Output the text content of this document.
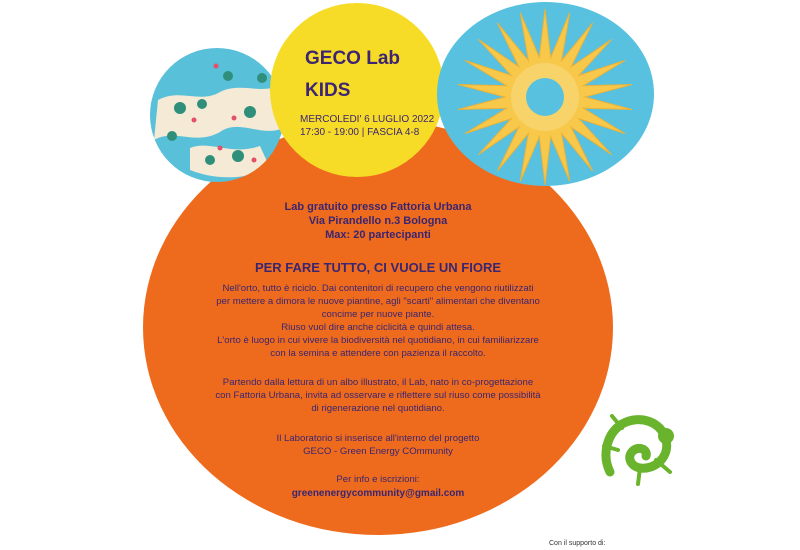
GECO Lab
KIDS
MERCOLEDI' 6 LUGLIO 2022
17:30 - 19:00 | FASCIA 4-8
Lab gratuito presso Fattoria Urbana
Via Pirandello n.3 Bologna
Max: 20 partecipanti
PER FARE TUTTO, CI VUOLE UN FIORE
Nell'orto, tutto è riciclo. Dai contenitori di recupero che vengono riutilizzati
per mettere a dimora le nuove piantine, agli "scarti" alimentari che diventano
concime per nuove piante.
Riuso vuol dire anche ciclicità e quindi attesa.
L'orto è luogo in cui vivere la biodiversità nel quotidiano, in cui familiarizzare
con la semina e attendere con pazienza il raccolto.
Partendo dalla lettura di un albo illustrato, il Lab, nato in co-progettazione
con Fattoria Urbana, invita ad osservare e riflettere sul riuso come possibilità
di rigenerazione nel quotidiano.
Il Laboratorio si inserisce all'interno del progetto
GECO - Green Energy COmmunity
Per info e iscrizioni:
greenenergycommunity@gmail.com
Con il supporto di:
